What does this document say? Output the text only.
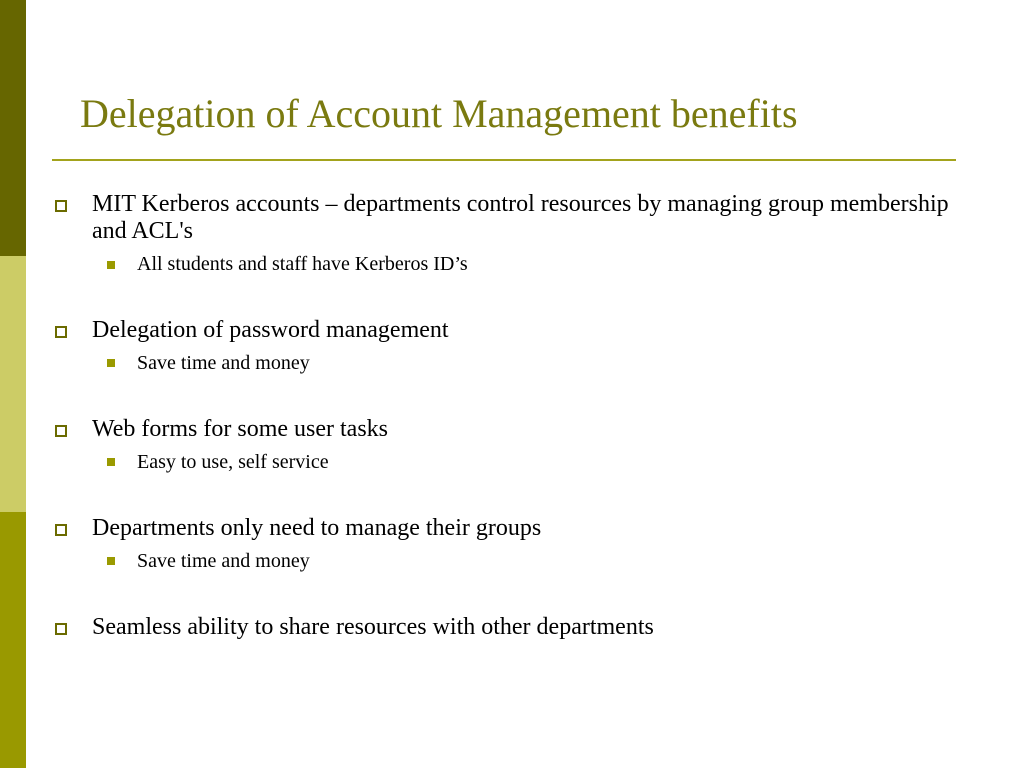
Delegation of Account Management benefits
MIT Kerberos accounts – departments control resources by managing group membership and ACL's
All students and staff have Kerberos ID’s
Delegation of password management
Save time and money
Web forms for some user tasks
Easy to use, self service
Departments only need to manage their groups
Save time and money
Seamless ability to share resources with other departments
